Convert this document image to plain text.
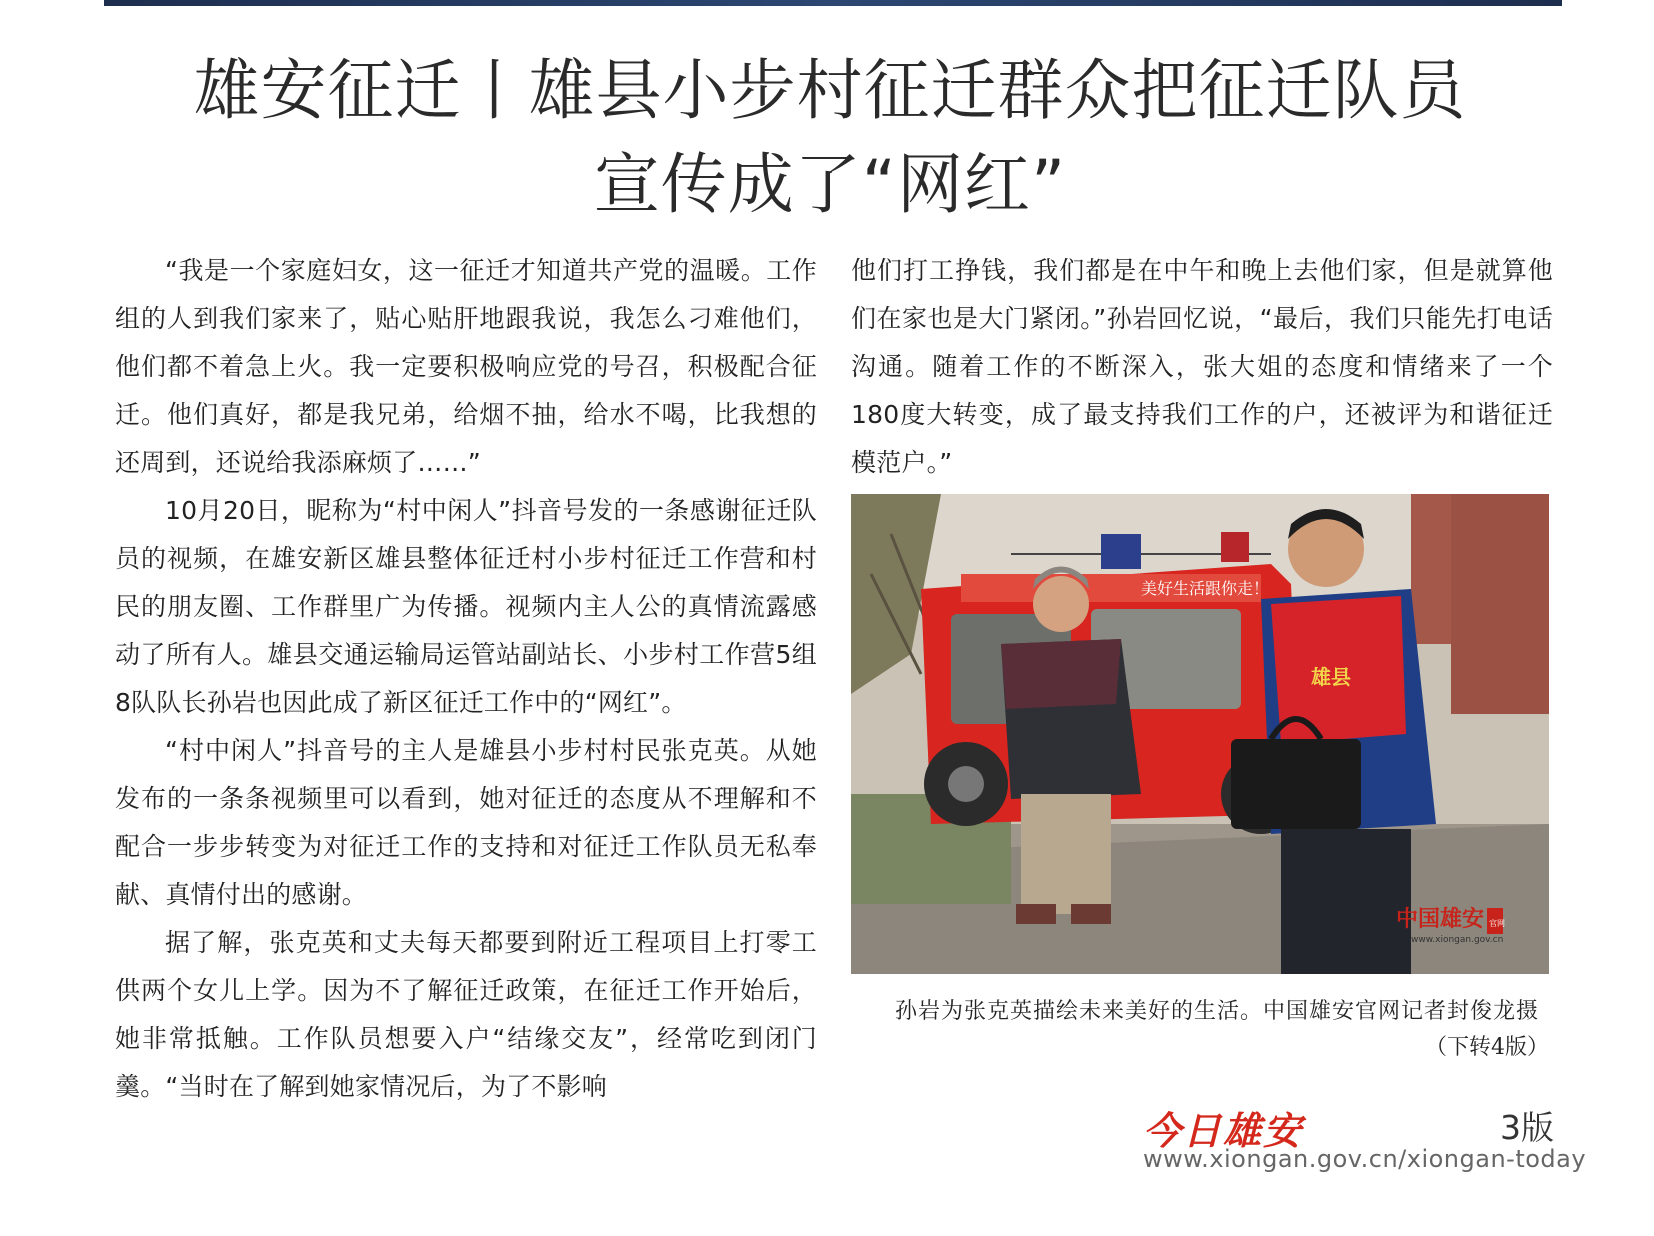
雄安征迁丨雄县小步村征迁群众把征迁队员
宣传成了“网红”

“我是一个家庭妇女，这一征迁才知道共产党的温暖。工作组的人到我们家来了，贴心贴肝地跟我说，我怎么刁难他们，他们都不着急上火。我一定要积极响应党的号召，积极配合征迁。他们真好，都是我兄弟，给烟不抽，给水不喝，比我想的还周到，还说给我添麻烦了……”

10月20日，昵称为“村中闲人”抖音号发的一条感谢征迁队员的视频，在雄安新区雄县整体征迁村小步村征迁工作营和村民的朋友圈、工作群里广为传播。视频内主人公的真情流露感动了所有人。雄县交通运输局运管站副站长、小步村工作营5组8队队长孙岩也因此成了新区征迁工作中的“网红”。

“村中闲人”抖音号的主人是雄县小步村村民张克英。从她发布的一条条视频里可以看到，她对征迁的态度从不理解和不配合一步步转变为对征迁工作的支持和对征迁工作队员无私奉献、真情付出的感谢。

据了解，张克英和丈夫每天都要到附近工程项目上打零工供两个女儿上学。因为不了解征迁政策，在征迁工作开始后，她非常抵触。工作队员想要入户“结缘交友”，经常吃到闭门羹。“当时在了解到她家情况后，为了不影响

他们打工挣钱，我们都是在中午和晚上去他们家，但是就算他们在家也是大门紧闭。”孙岩回忆说，“最后，我们只能先打电话沟通。随着工作的不断深入，张大姐的态度和情绪来了一个180度大转变，成了最支持我们工作的户，还被评为和谐征迁模范户。”

美好生活跟你走！
雄县
中国雄安 官网
www.xiongan.gov.cn
孙岩为张克英描绘未来美好的生活。中国雄安官网记者封俊龙摄
（下转4版）
今日雄安	3版
www.xiongan.gov.cn/xiongan-today
